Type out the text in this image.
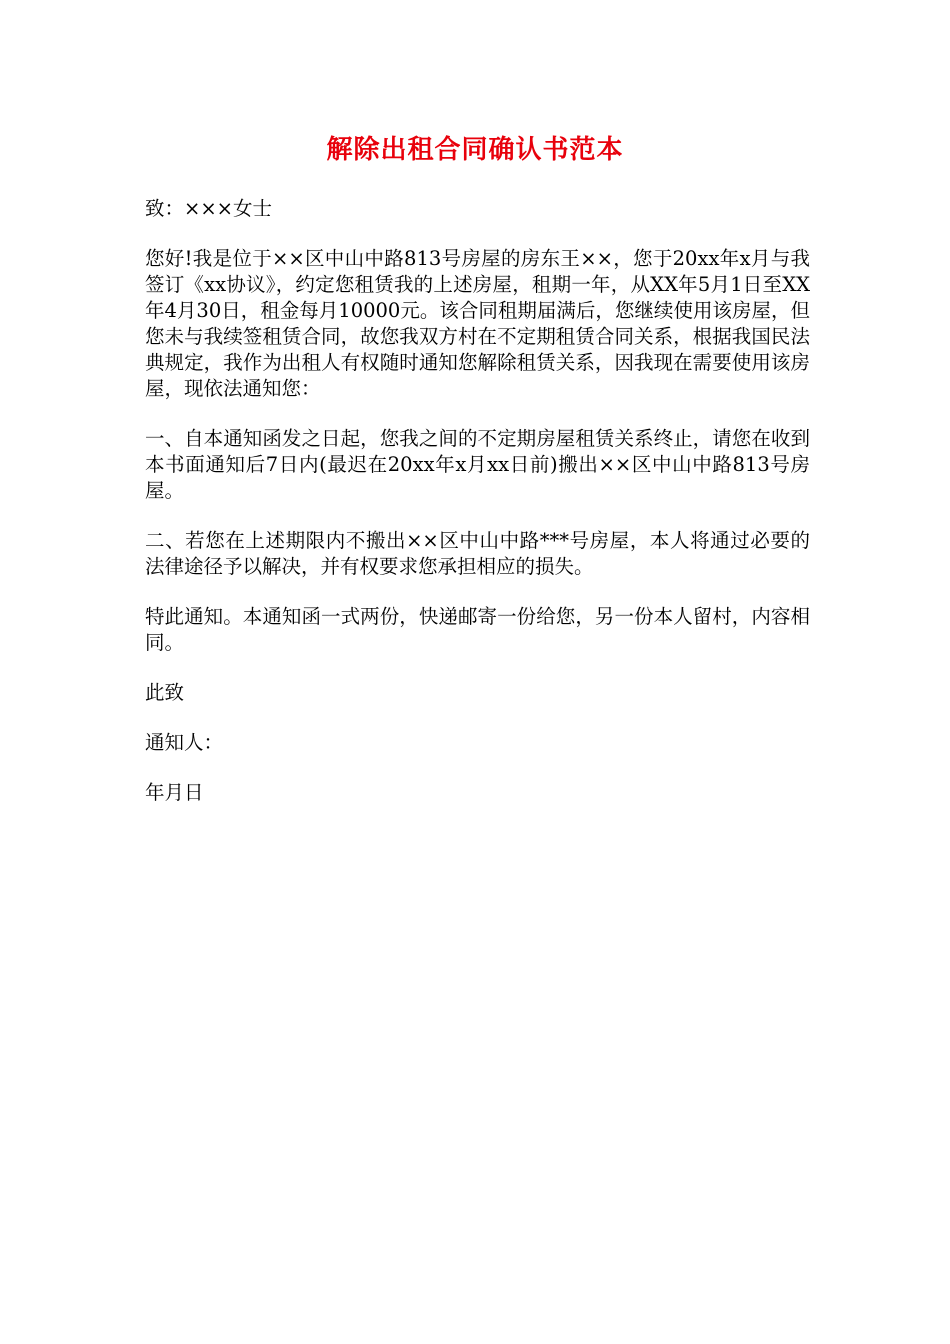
解除出租合同确认书范本

致：×××女士

您好!我是位于××区中山中路813号房屋的房东王××，您于20xx年x月与我签订《xx协议》，约定您租赁我的上述房屋，租期一年，从XX年5月1日至XX年4月30日，租金每月10000元。该合同租期届满后，您继续使用该房屋，但您未与我续签租赁合同，故您我双方村在不定期租赁合同关系，根据我国民法典规定，我作为出租人有权随时通知您解除租赁关系，因我现在需要使用该房屋，现依法通知您：

一、自本通知函发之日起，您我之间的不定期房屋租赁关系终止，请您在收到本书面通知后7日内(最迟在20xx年x月xx日前)搬出××区中山中路813号房屋。

二、若您在上述期限内不搬出××区中山中路***号房屋，本人将通过必要的法律途径予以解决，并有权要求您承担相应的损失。

特此通知。本通知函一式两份，快递邮寄一份给您，另一份本人留村，内容相同。

此致

通知人：

年月日
